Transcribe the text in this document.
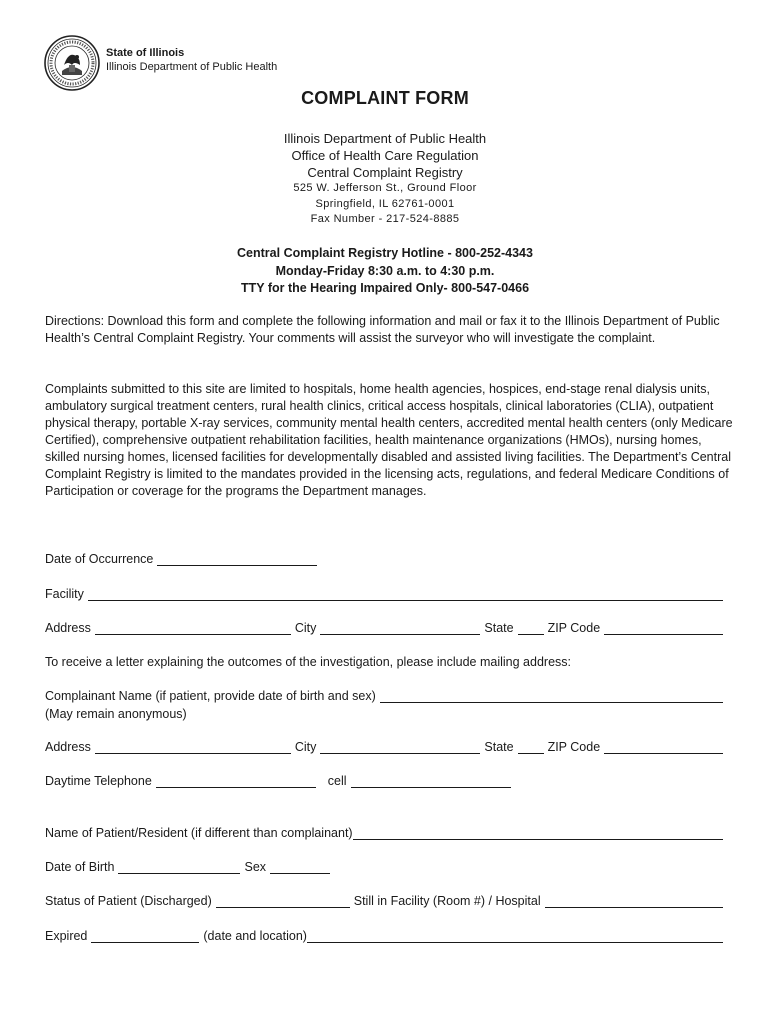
State of Illinois
Illinois Department of Public Health
COMPLAINT FORM
Illinois Department of Public Health
Office of Health Care Regulation
Central Complaint Registry
525 W. Jefferson St., Ground Floor
Springfield, IL 62761-0001
Fax Number - 217-524-8885
Central Complaint Registry Hotline - 800-252-4343
Monday-Friday 8:30 a.m. to 4:30 p.m.
TTY for the Hearing Impaired Only- 800-547-0466
Directions: Download this form and complete the following information and mail or fax it to the Illinois Department of Public Health’s Central Complaint Registry. Your comments will assist the surveyor who will investigate the complaint.
Complaints submitted to this site are limited to hospitals, home health agencies, hospices, end-stage renal dialysis units, ambulatory surgical treatment centers, rural health clinics, critical access hospitals, clinical laboratories (CLIA), outpatient physical therapy, portable X-ray services, community mental health centers, accredited mental health centers (only Medicare Certified), comprehensive outpatient rehabilitation facilities, health maintenance organizations (HMOs), nursing homes, skilled nursing homes, licensed facilities for developmentally disabled and assisted living facilities. The Department’s Central Complaint Registry is limited to the mandates provided in the licensing acts, regulations, and federal Medicare Conditions of Participation or coverage for the programs the Department manages.
Date of Occurrence
Facility
Address	City	State	ZIP Code
To receive a letter explaining the outcomes of the investigation, please include mailing address:
Complainant Name (if patient, provide date of birth and sex)
(May remain anonymous)
Address	City	State	ZIP Code
Daytime Telephone	cell
Name of Patient/Resident (if different than complainant)
Date of Birth	Sex
Status of Patient (Discharged)	Still in Facility (Room #) / Hospital
Expired	(date and location)
